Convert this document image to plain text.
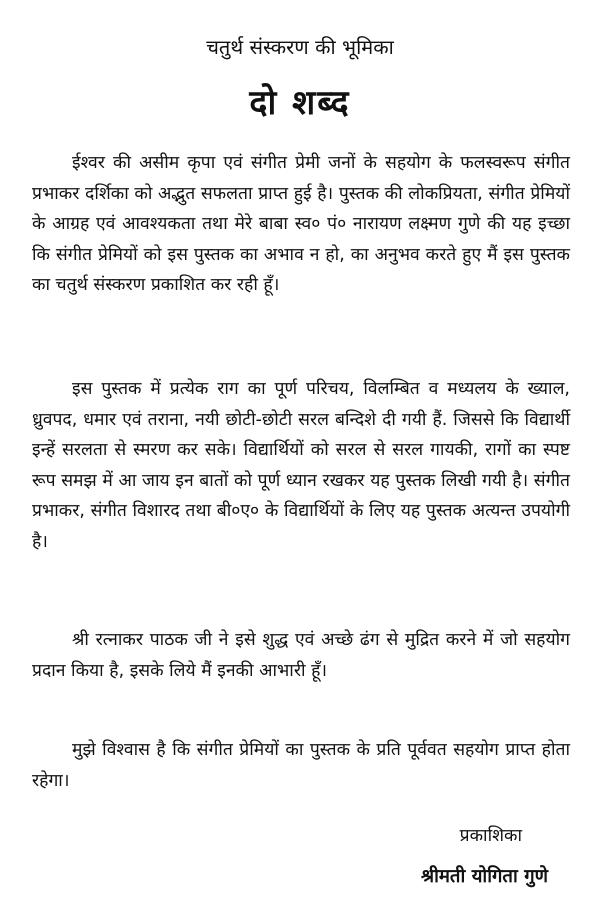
चतुर्थ संस्करण की भूमिका

दो शब्द

ईश्वर की असीम कृपा एवं संगीत प्रेमी जनों के सहयोग के फलस्वरूप संगीत प्रभाकर दर्शिका को अद्भुत सफलता प्राप्त हुई है। पुस्तक की लोकप्रियता, संगीत प्रेमियों के आग्रह एवं आवश्यकता तथा मेरे बाबा स्व० पं० नारायण लक्ष्मण गुणे की यह इच्छा कि संगीत प्रेमियों को इस पुस्तक का अभाव न हो, का अनुभव करते हुए मैं इस पुस्तक का चतुर्थ संस्करण प्रकाशित कर रही हूँ।

इस पुस्तक में प्रत्येक राग का पूर्ण परिचय, विलम्बित व मध्यलय के ख्याल, ध्रुवपद, धमार एवं तराना, नयी छोटी-छोटी सरल बन्दिशे दी गयी हैं. जिससे कि विद्यार्थी इन्हें सरलता से स्मरण कर सके। विद्यार्थियों को सरल से सरल गायकी, रागों का स्पष्ट रूप समझ में आ जाय इन बातों को पूर्ण ध्यान रखकर यह पुस्तक लिखी गयी है। संगीत प्रभाकर, संगीत विशारद तथा बी०ए० के विद्यार्थियों के लिए यह पुस्तक अत्यन्त उपयोगी है।

श्री रत्नाकर पाठक जी ने इसे शुद्ध एवं अच्छे ढंग से मुद्रित करने में जो सहयोग प्रदान किया है, इसके लिये मैं इनकी आभारी हूँ।

मुझे विश्वास है कि संगीत प्रेमियों का पुस्तक के प्रति पूर्ववत सहयोग प्राप्त होता रहेगा।

प्रकाशिका

श्रीमती योगिता गुणे
